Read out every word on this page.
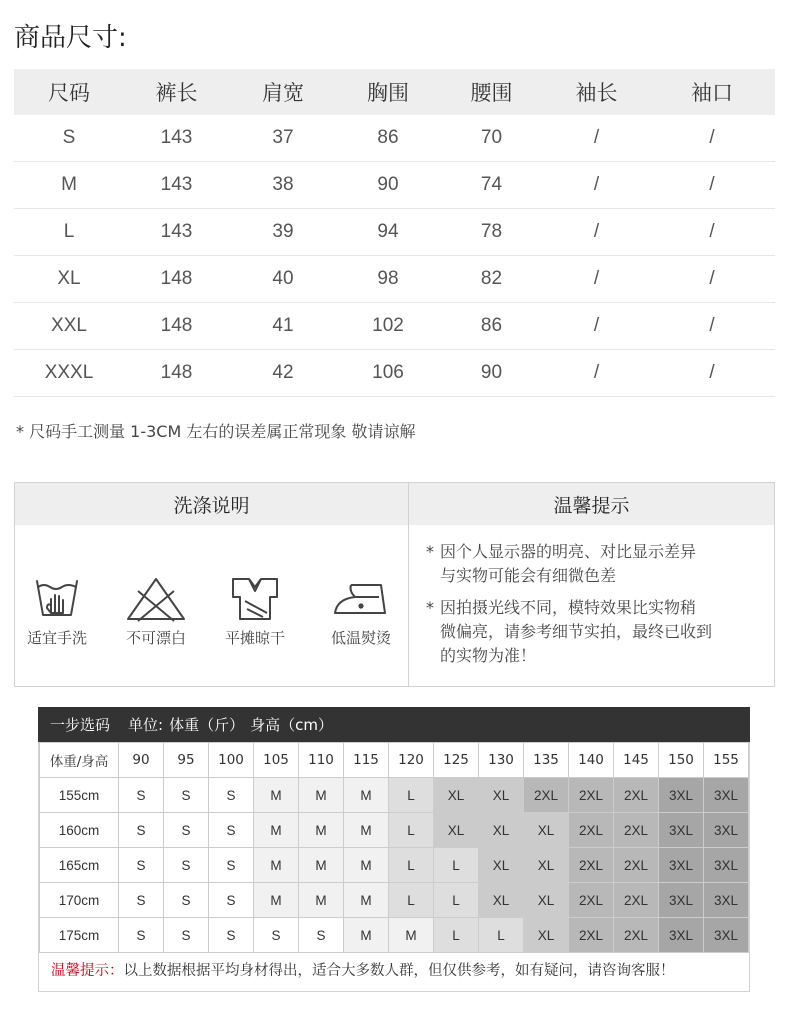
商品尺寸:
尺码	裤长	肩宽	胸围	腰围	袖长	袖口
S	143	37	86	70	/	/
M	143	38	90	74	/	/
L	143	39	94	78	/	/
XL	148	40	98	82	/	/
XXL	148	41	102	86	/	/
XXXL	148	42	106	90	/	/
* 尺码手工测量 1-3CM 左右的误差属正常现象 敬请谅解
洗涤说明	温馨提示
适宜手洗	不可漂白	平摊晾干	低温熨烫
* 因个人显示器的明亮、对比显示差异
与实物可能会有细微色差
* 因拍摄光线不同，模特效果比实物稍
微偏亮，请参考细节实拍，最终已收到
的实物为准！
一步选码 单位: 体重（斤） 身高（cm）
体重/身高	90	95	100	105	110	115	120	125	130	135	140	145	150	155
155cm	S	S	S	M	M	M	L	XL	XL	2XL	2XL	2XL	3XL	3XL
160cm	S	S	S	M	M	M	L	XL	XL	XL	2XL	2XL	3XL	3XL
165cm	S	S	S	M	M	M	L	L	XL	XL	2XL	2XL	3XL	3XL
170cm	S	S	S	M	M	M	L	L	XL	XL	2XL	2XL	3XL	3XL
175cm	S	S	S	S	S	M	M	L	L	XL	2XL	2XL	3XL	3XL
温馨提示：以上数据根据平均身材得出，适合大多数人群，但仅供参考，如有疑问，请咨询客服！
